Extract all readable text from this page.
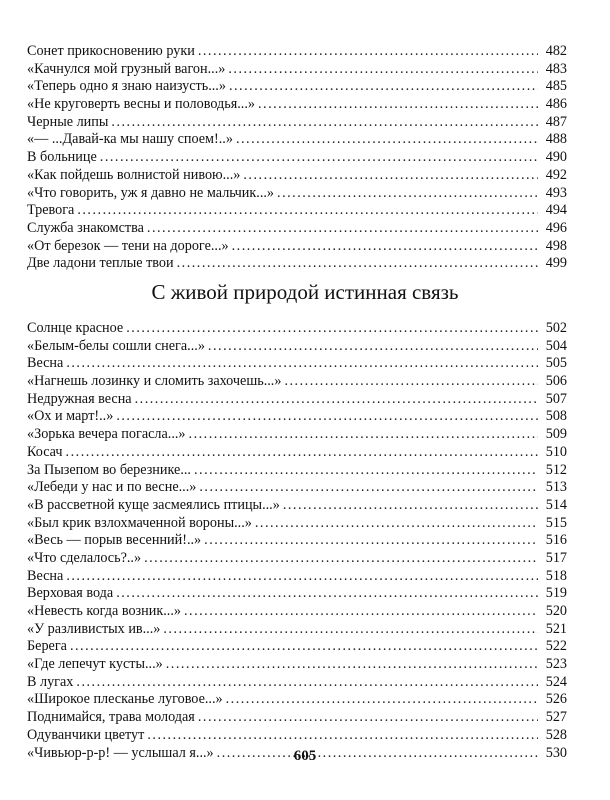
Сонет прикосновению руки .....	482
«Качнулся мой грузный вагон...» .....	483
«Теперь одно я знаю наизусть...» .....	485
«Не круговерть весны и половодья...» .....	486
Черные липы .....	487
«— ...Давай-ка мы нашу споем!..» .....	488
В больнице .....	490
«Как пойдешь волнистой нивою...» .....	492
«Что говорить, уж я давно не мальчик...» .....	493
Тревога .....	494
Служба знакомства .....	496
«От березок — тени на дороге...» .....	498
Две ладони теплые твои .....	499
С живой природой истинная связь
Солнце красное .....	502
«Белым-белы сошли снега...» .....	504
Весна .....	505
«Нагнешь лозинку и сломить захочешь...» .....	506
Недружная весна .....	507
«Ох и март!..» .....	508
«Зорька вечера погасла...» .....	509
Косач .....	510
За Пызепом во березнике... .....	512
«Лебеди у нас и по весне...» .....	513
«В рассветной куще засмеялись птицы...» .....	514
«Был крик взлохмаченной вороны...» .....	515
«Весь — порыв весенний!..» .....	516
«Что сделалось?..» .....	517
Весна .....	518
Верховая вода .....	519
«Невесть когда возник...» .....	520
«У разливистых ив...» .....	521
Берега .....	522
«Где лепечут кусты...» .....	523
В лугах .....	524
«Широкое плесканье луговое...» .....	526
Поднимайся, трава молодая .....	527
Одуванчики цветут .....	528
«Чивьюр-р-р! — услышал я...» .....	530
605
